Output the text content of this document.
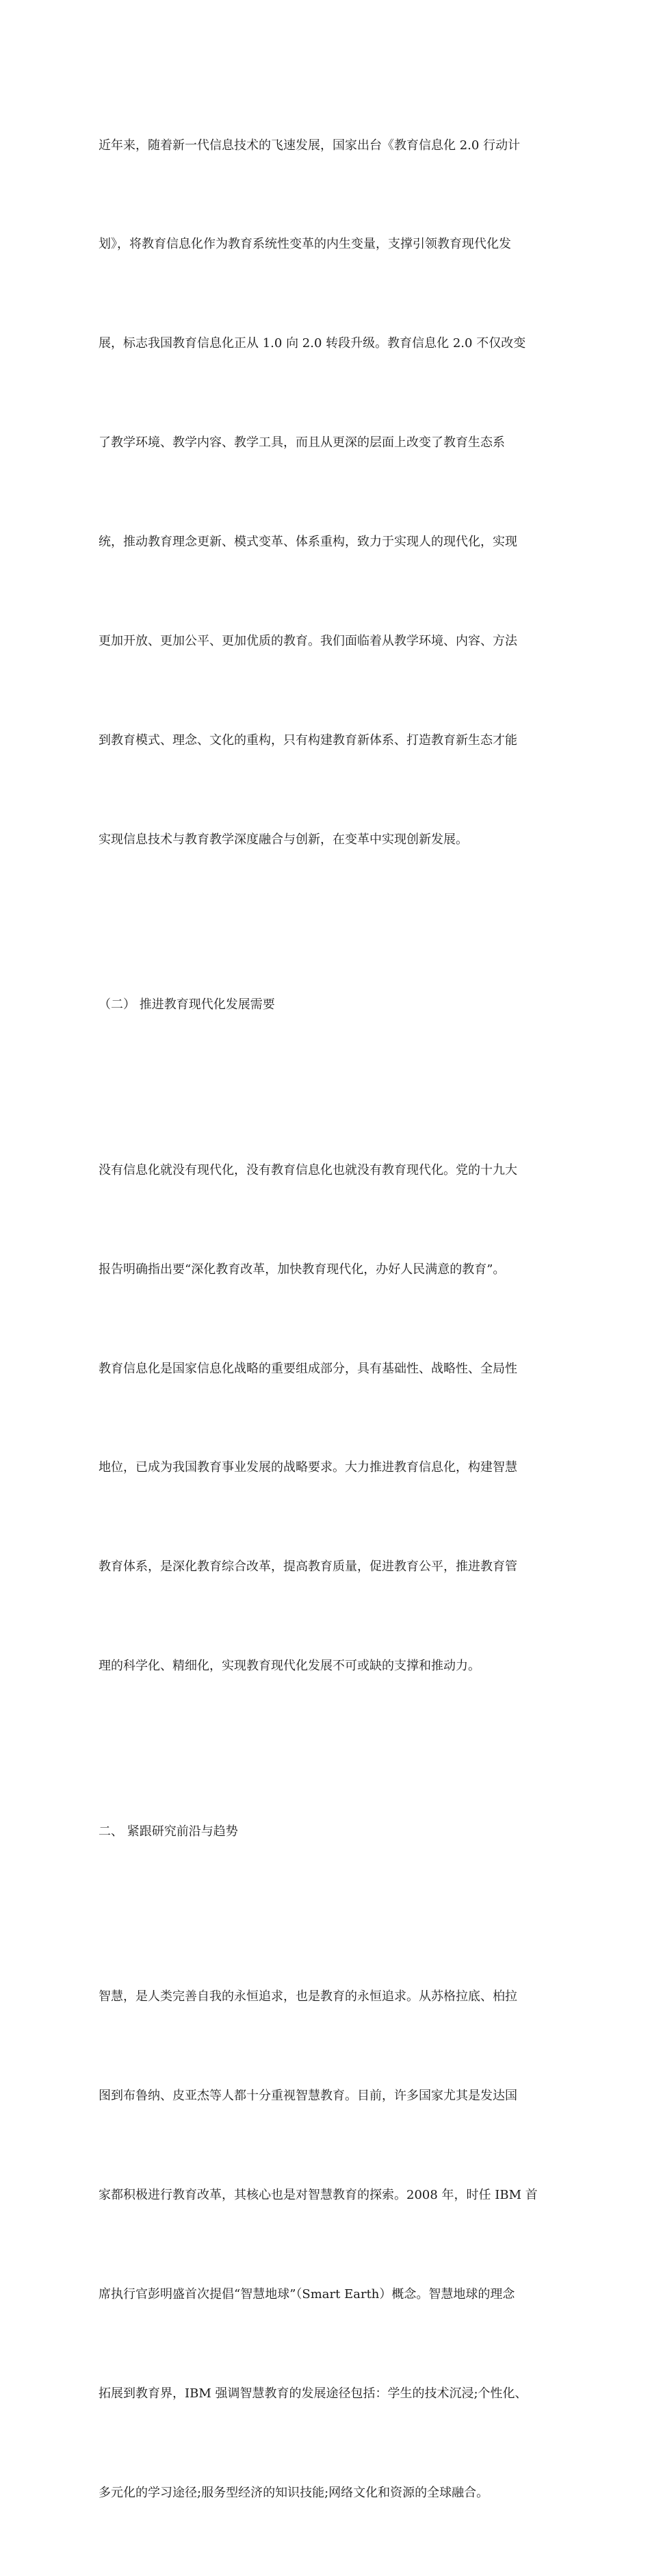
近年来，随着新一代信息技术的飞速发展，国家出台《教育信息化 2.0 行动计

划》，将教育信息化作为教育系统性变革的内生变量，支撑引领教育现代化发

展，标志我国教育信息化正从 1.0 向 2.0 转段升级。教育信息化 2.0 不仅改变

了教学环境、教学内容、教学工具，而且从更深的层面上改变了教育生态系

统，推动教育理念更新、模式变革、体系重构，致力于实现人的现代化，实现

更加开放、更加公平、更加优质的教育。我们面临着从教学环境、内容、方法

到教育模式、理念、文化的重构，只有构建教育新体系、打造教育新生态才能

实现信息技术与教育教学深度融合与创新，在变革中实现创新发展。

（二） 推进教育现代化发展需要

没有信息化就没有现代化，没有教育信息化也就没有教育现代化。党的十九大

报告明确指出要“深化教育改革，加快教育现代化，办好人民满意的教育”。

教育信息化是国家信息化战略的重要组成部分，具有基础性、战略性、全局性

地位，已成为我国教育事业发展的战略要求。大力推进教育信息化，构建智慧

教育体系，是深化教育综合改革，提高教育质量，促进教育公平，推进教育管

理的科学化、精细化，实现教育现代化发展不可或缺的支撑和推动力。

二、 紧跟研究前沿与趋势

智慧，是人类完善自我的永恒追求，也是教育的永恒追求。从苏格拉底、柏拉

图到布鲁纳、皮亚杰等人都十分重视智慧教育。目前，许多国家尤其是发达国

家都积极进行教育改革，其核心也是对智慧教育的探索。2008 年，时任 IBM 首

席执行官彭明盛首次提倡“智慧地球”（Smart Earth）概念。智慧地球的理念

拓展到教育界，IBM 强调智慧教育的发展途径包括：学生的技术沉浸;个性化、

多元化的学习途径;服务型经济的知识技能;网络文化和资源的全球融合。
